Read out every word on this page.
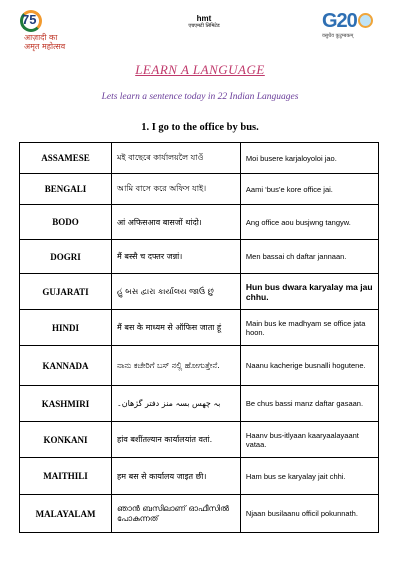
75
आज़ादी का
अमृत महोत्सव
hmt
एचएमटी लिमिटेड	G20
वसुधैव कुटुम्बकम्
LEARN A LANGUAGE
Lets learn a sentence today in 22 Indian Languages
1. I go to the office by bus.
ASSAMESE	মই বাছেৰে কাৰ্যালয়লৈ যাওঁ	Moi busere karjaloyoloi jao.
BENGALI	আমি বাসে করে অফিস যাই।	Aami ‘bus’e kore office jai.
BODO	आं अफिसआव बासजों थांदो।	Ang office aou busjwng tangyw.
DOGRI	मैं बस्सै च दफ्तर जन्नां।	Men bassai ch daftar jannaan.
GUJARATI	હું બસ દ્વારા કાર્યાલય જાઉં છું	Hun bus dwara karyalay ma jau chhu.
HINDI	मैं बस के माध्यम से ऑफिस जाता हूं	Main bus ke madhyam se office jata hoon.
KANNADA	ನಾನು ಕಚೇರಿಗೆ ಬಸ್ ನಲ್ಲಿ ಹೋಗುತ್ತೇನೆ.	Naanu kacherige busnalli hogutenе.
KASHMIRI	بہ چھس بسہ منز دفتر گژھان۔	Be chus bassi manz daftar gasaan.
KONKANI	हांव बशींतल्यान कार्यालयांत वतां.	Haanv bus-itlyaan kaaryaalayaant vataa.
MAITHILI	हम बस से कार्यालय जाइत छी।	Ham bus se karyalay jait chhi.
MALAYALAM	ഞാൻ ബസിലാണ് ഓഫീസിൽ പോകുന്നത്	Njaan busilaanu officil pokunnath.
